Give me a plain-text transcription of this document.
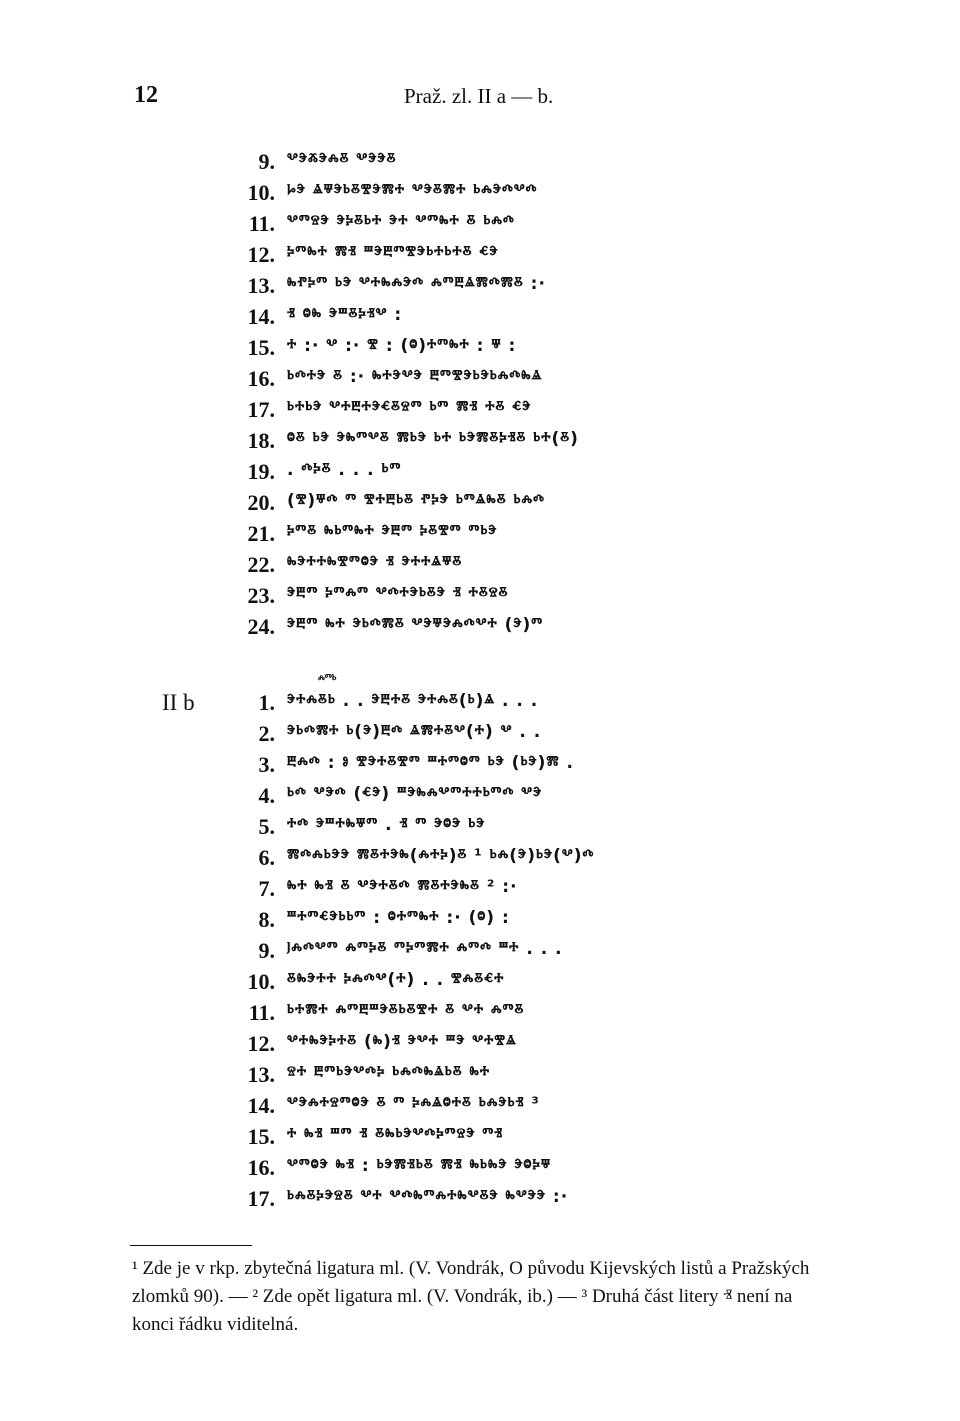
12	Praž. zl. II a — b.
9. ⰲⰵⰶⰵⰾⰻ ⰲⰵⰵⰻ
10. ⱈⰵ ⱑⱋⰵⱃⰻⰺⰵⰿⰰ ⰲⰵⰻⰿⰰ ⱃⰾⰵⰴⰲⰴ
11. ⰲⱅⱄⰵ ⰵⰽⰻⱃⰰ ⰵⰰ ⰲⱅⰸⰰ ⰻ ⱃⰾⰴ
12. ⰽⱅⰸⰰ ⰿⱐ ⱎⰵⰱⱅⰺⰵⱃⰰⱃⰰⰻ ⱔⰵ
13. ⰸⱂⰽⱅ ⱃⰵ ⰲⰰⰸⰾⰵⰴ ⰾⱅⰱⱑⰿⰴⰿⰻ :·
14. ⱐ ⱉⰸ ⰵⱎⰻⰽⱐⰲ :
15. ⰰ :· ⰲ :· ⰺ : (ⱉ)ⰰⱅⰸⰰ : ⱋ :
16. ⱃⰴⰰⰵ ⰻ :· ⰸⰰⰵⰲⰵ ⰱⱅⰺⰵⱃⰵⱃⰾⰴⰸⱑ
17. ⱃⰰⱃⰵ ⰲⰰⰱⰰⰵⱔⰻⱄⱅ ⱃⱅ ⰿⱐ ⰰⰻ ⱔⰵ
18. ⱉⰻ ⱃⰵ ⰵⰸⱅⰲⰻ ⰿⱃⰵ ⱃⰰ ⱃⰵⰿⰻⰽⱐⰻ ⱃⰰ(ⰻ)
19. . ⰴⰽⰻ . . . ⱃⱅ
20. (ⰺ)ⱋⰴ ⱅ ⰺⰰⰱⱃⰻ ⱂⰽⰵ ⱃⱅⱑⰸⰻ ⱃⰾⰴ
21. ⰽⱅⰻ ⰸⱃⱅⰸⰰ ⰵⰱⱅ ⰽⰻⰺⱅ ⱅⱃⰵ
22. ⰸⰵⰰⰰⰸⰺⱅⱉⰵ ⱐ ⰵⰰⰰⱑⱋⰻ
23. ⰵⰱⱅ ⰽⱅⰾⱅ ⰲⰴⰰⰵⱃⰻⰵ ⱐ ⰰⰻⱄⰻ
24. ⰵⰱⱅ ⰸⰰ ⰵⱃⰴⰿⰻ ⰲⰵⱋⰵⰾⰴⰲⰰ (ⰵ)ⱅ
II b
ⰾⱅⱃ
1. ⰵⰰⰾⰻⱃ . . ⰵⰱⰰⰻ ⰵⰰⰾⰻ(ⱃ)ⱑ . . .
2. ⰵⱃⰴⰿⰰ ⱃ(ⰵ)ⰱⰴ ⱑⰿⰰⰻⰲ(ⰰ) ⰲ . .
3. ⰱⰾⰴ : ⱁ ⰺⰵⰰⰻⰺⱅ ⱎⰰⱅⱉⱅ ⱃⰵ (ⱃⰵ)ⰿ .
4. ⱃⰴ ⰲⰵⰴ (ⱔⰵ) ⱎⰵⰸⰾⰲⱅⰰⰰⱃⱅⰴ ⰲⰵ
5. ⰰⰴ ⰵⱎⰰⰸⱋⱅ . ⱐ ⱅ ⰵⱉⰵ ⱃⰵ
6. ⰿⰴⰾⱃⰵⰵ ⰿⰻⰰⰵⰸ(ⰾⰰⰽ)ⰻ ¹ ⱃⰾ(ⰵ)ⱃⰵ(ⰲ)ⰴ
7. ⰸⰰ ⰸⱐ ⰻ ⰲⰵⰰⰻⰴ ⰿⰻⰰⰵⰸⰻ ² :·
8. ⱎⰰⱅⱔⰵⱃⱃⱅ : ⱉⰰⱅⰸⰰ :· (ⱉ) :
9. ⱜⰾⰴⰲⱅ ⰾⱅⰽⰻ ⱅⰽⱅⰿⰰ ⰾⱅⰴ ⱎⰰ . . .
10. ⰻⰸⰵⰰⰰ ⰽⰾⰴⰲ(ⰰ) . . ⰺⰾⰻⱔⰰ
11. ⱃⰰⰿⰰ ⰾⱅⰱⱎⰵⰻⱃⰻⰺⰰ ⰻ ⰲⰰ ⰾⱅⰻ
12. ⰲⰰⰸⰵⰽⰰⰻ (ⰸ)ⱐ ⰵⰲⰰ ⱎⰵ ⰲⰰⰺⱑ
13. ⱄⰰ ⰱⱅⱃⰵⰲⰴⰽ ⱃⰾⰴⰸⱑⱃⰻ ⰸⰰ
14. ⰲⰵⰾⰰⱄⱅⱉⰵ ⰻ ⱅ ⰽⰾⱑⱉⰰⰻ ⱃⰾⰵⱃⱐ ³
15. ⰰ ⰸⱐ ⱎⱅ ⱐ ⰻⰸⱃⰵⰲⰴⰽⱅⱄⰵ ⱅⱐ
16. ⰲⱅⱉⰵ ⰸⱐ : ⱃⰵⰿⱐⱃⰻ ⰿⱐ ⰸⱃⰸⰵ ⰵⱉⰽⱋ
17. ⱃⰾⰻⰽⰵⱄⰻ ⰲⰰ ⰲⰴⰸⱅⰾⰰⰸⰲⰻⰵ ⰸⰲⰵⰵ :·
¹ Zde je v rkp. zbytečná ligatura ml. (V. Vondrák, O původu Kijevských listů a Pražských zlomků 90). — ² Zde opět ligatura ml. (V. Vondrák, ib.) — ³ Druhá část litery ⱐ není na konci řádku viditelná.
